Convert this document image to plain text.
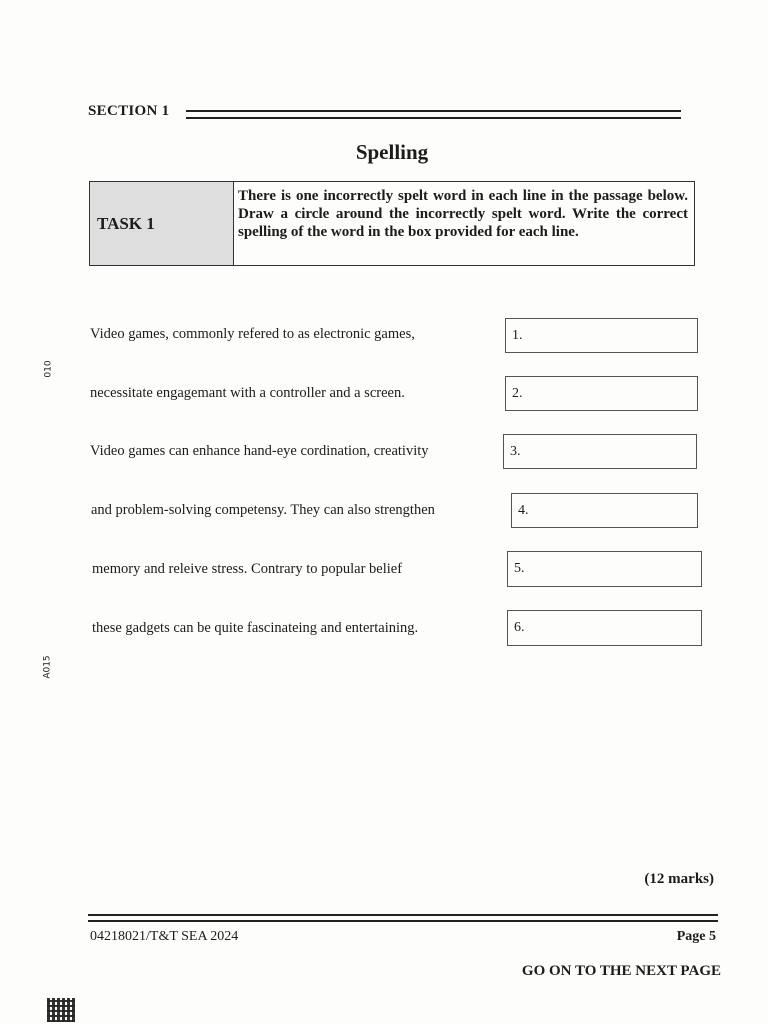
SECTION 1
Spelling
TASK 1
There is one incorrectly spelt word in each line in the passage below. Draw a circle around the incorrectly spelt word. Write the correct spelling of the word in the box provided for each line.
Video games, commonly refered to as electronic games,	1.
necessitate engagemant with a controller and a screen.	2.
Video games can enhance hand-eye cordination, creativity	3.
and problem-solving competensy. They can also strengthen	4.
memory and releive stress. Contrary to popular belief	5.
these gadgets can be quite fascinateing and entertaining.	6.
010
A015
(12 marks)
04218021/T&T SEA 2024	Page 5
GO ON TO THE NEXT PAGE
